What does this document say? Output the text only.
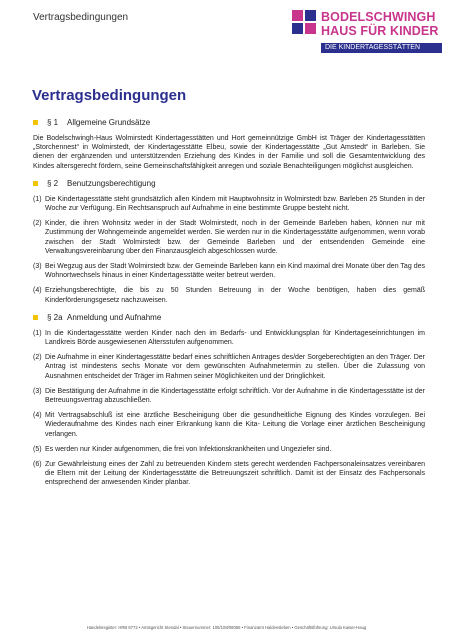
Vertragsbedingungen	BODELSCHWINGH
HAUS FÜR KINDER
DIE KINDERTAGESSTÄTTEN
Vertragsbedingungen
§ 1	Allgemeine Grundsätze

Die Bodelschwingh-Haus Wolmirstedt Kindertagesstätten und Hort gemeinnützige GmbH ist Träger der Kindertagesstätten „Storchennest“ in Wolmirstedt, der Kindertagesstätte Elbeu, sowie der Kindertagesstätte „Gut Amstedt“ in Barleben. Sie dienen der ergänzenden und unterstützenden Erziehung des Kindes in der Familie und soll die Gesamtentwicklung des Kindes altersgerecht fördern, seine Gemeinschaftsfähigkeit anregen und soziale Benachteiligungen möglichst ausgleichen.

§ 2	Benutzungsberechtigung
(1) Die Kindertagesstätte steht grundsätzlich allen Kindern mit Hauptwohnsitz in Wolmirstedt bzw. Barleben 25 Stunden in der Woche zur Verfügung. Ein Rechtsanspruch auf Aufnahme in eine bestimmte Gruppe besteht nicht.
(2) Kinder, die ihren Wohnsitz weder in der Stadt Wolmirstedt, noch in der Gemeinde Barleben haben, können nur mit Zustimmung der Wohngemeinde angemeldet werden. Sie werden nur in die Kindertagesstätte aufgenommen, wenn vorab zwischen der Stadt Wolmirstedt bzw. der Gemeinde Barleben und der entsendenden Gemeinde eine Verwaltungsvereinbarung über den Finanzausgleich abgeschlossen wurde.
(3) Bei Wegzug aus der Stadt Wolmirstedt bzw. der Gemeinde Barleben kann ein Kind maximal drei Monate über den Tag des Wohnortwechsels hinaus in einer Kindertagesstätte weiter betreut werden.
(4) Erziehungsberechtigte, die bis zu 50 Stunden Betreuung in der Woche benötigen, haben dies gemäß Kinderförderungsgesetz nachzuweisen.
§ 2a Anmeldung und Aufnahme
(1) In die Kindertagesstätte werden Kinder nach den im Bedarfs- und Entwicklungsplan für Kindertageseinrichtungen im Landkreis Börde ausgewiesenen Altersstufen aufgenommen.
(2) Die Aufnahme in einer Kindertagesstätte bedarf eines schriftlichen Antrages des/der Sorgeberechtigten an den Träger. Der Antrag ist mindestens sechs Monate vor dem gewünschten Aufnahmetermin zu stellen. Über die Zulassung von Ausnahmen entscheidet der Träger im Rahmen seiner Möglichkeiten und der Dringlichkeit.
(3) Die Bestätigung der Aufnahme in die Kindertagesstätte erfolgt schriftlich. Vor der Aufnahme in die Kindertagesstätte ist der Betreuungsvertrag abzuschließen.
(4) Mit Vertragsabschluß ist eine ärztliche Bescheinigung über die gesundheitliche Eignung des Kindes vorzulegen. Bei Wiederaufnahme des Kindes nach einer Erkrankung kann die Kita- Leitung die Vorlage einer ärztlichen Bescheinigung verlangen.
(5) Es werden nur Kinder aufgenommen, die frei von Infektionskrankheiten und Ungeziefer sind.
(6) Zur Gewährleistung eines der Zahl zu betreuenden Kindern stets gerecht werdenden Fachpersonaleinsatzes vereinbaren die Eltern mit der Leitung der Kindertagesstätte die Betreuungszeit schriftlich. Damit ist der Einsatz des Fachpersonals entsprechend der anwesenden Kinder planbar.
Handelsregister: HRB 6772 • Amtsgericht Stendal • Steuernummer: 105/108/08055 • Finanzamt Haldensleben • Geschäftsführung: Ursula Kaiser-Haug
